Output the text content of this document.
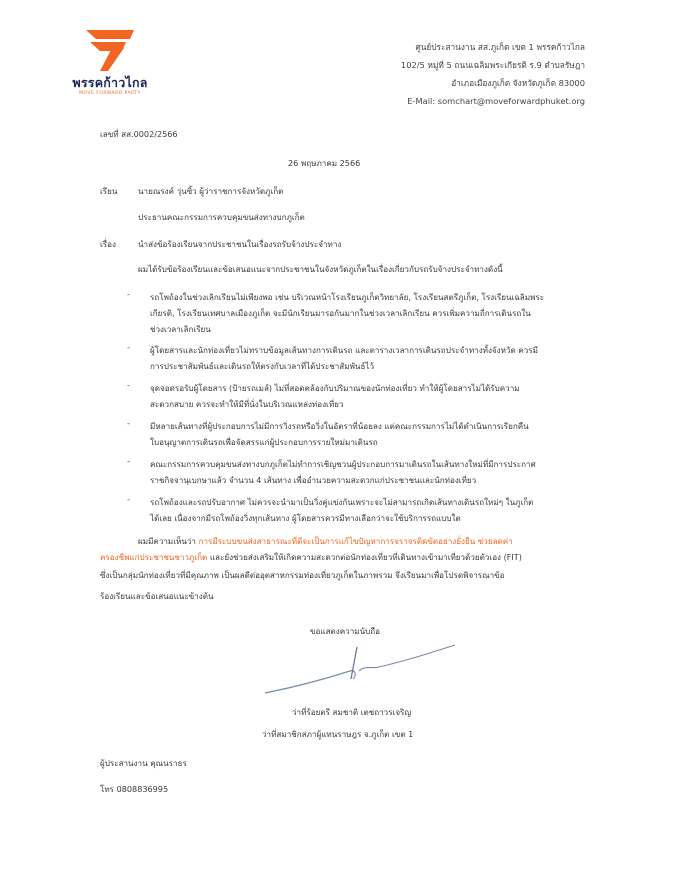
พรรคก้าวไกล
MOVE FORWARD PARTY
ศูนย์ประสานงาน สส.ภูเก็ต เขต 1 พรรคก้าวไกล
102/5 หมู่ที่ 5 ถนนเฉลิมพระเกียรติ ร.9 ตำบลรัษฎา
อำเภอเมืองภูเก็ต จังหวัดภูเก็ต 83000
E-Mail: somchart@moveforwardphuket.org
เลขที่ สส.0002/2566
26 พฤษภาคม 2566
เรียน	นายณรงค์ วุ่นซิ้ว ผู้ว่าราชการจังหวัดภูเก็ต
ประธานคณะกรรมการควบคุมขนส่งทางบกภูเก็ต
เรื่อง	นำส่งข้อร้องเรียนจากประชาชนในเรื่องรถรับจ้างประจำทาง
ผมได้รับข้อร้องเรียนและข้อเสนอแนะจากประชาชนในจังหวัดภูเก็ตในเรื่องเกี่ยวกับรถรับจ้างประจำทางดังนี้
- รถโพถ้องในช่วงเลิกเรียนไม่เพียงพอ เช่น บริเวณหน้าโรงเรียนภูเก็ตวิทยาลัย, โรงเรียนสตรีภูเก็ต, โรงเรียนเฉลิมพระ
เกียรติ, โรงเรียนเทศบาลเมืองภูเก็ต จะมีนักเรียนมารอกันมากในช่วงเวลาเลิกเรียน ควรเพิ่มความถี่การเดินรถใน
ช่วงเวลาเลิกเรียน
- ผู้โดยสารและนักท่องเที่ยวไม่ทราบข้อมูลเส้นทางการเดินรถ และตารางเวลาการเดินรถประจำทางทั้งจังหวัด ควรมี
การประชาสัมพันธ์และเดินรถให้ตรงกับเวลาที่ได้ประชาสัมพันธ์ไว้
- จุดจอดรอรับผู้โดยสาร (ป้ายรถเมล์) ไม่ที่สอดคล้องกับปริมาณของนักท่องเที่ยว ทำให้ผู้โดยสารไม่ได้รับความ
สะดวกสบาย ควรจะทำให้มีที่นั่งในบริเวณแหล่งท่องเที่ยว
- มีหลายเส้นทางที่ผู้ประกอบการไม่มีการวิ่งรถหรือวิ่งในอัตราที่น้อยลง แต่คณะกรรมการไม่ได้ดำเนินการเรียกคืน
ใบอนุญาตการเดินรถเพื่อจัดสรรแก่ผู้ประกอบการรายใหม่มาเดินรถ
- คณะกรรมการควบคุมขนส่งทางบกภูเก็ตไม่ทำการเชิญชวนผู้ประกอบการมาเดินรถในเส้นทางใหม่ที่มีการประกาศ
ราชกิจจานุเบกษาแล้ว จำนวน 4 เส้นทาง เพื่ออำนวยความสะดวกแก่ประชาชนและนักท่องเที่ยว
- รถโพถ้องและรถปรับอากาศ ไม่ควรจะนำมาเป็นวิ่งคู่แข่งกันเพราะจะไม่สามารถเกิดเส้นทางเดินรถใหม่ๆ ในภูเก็ต
ได้เลย เนื่องจากมีรถโพถ้องวิ่งทุกเส้นทาง ผู้โดยสารควรมีทางเลือกว่าจะใช้บริการรถแบบใด
ผมมีความเห็นว่า การมีระบบขนส่งสาธารณะที่ดีจะเป็นการแก้ไขปัญหาการจราจรติดขัดอย่างยั่งยืน ช่วยลดค่า
ครองชีพแก่ประชาชนชาวภูเก็ต และยังช่วยส่งเสริมให้เกิดความสะดวกต่อนักท่องเที่ยวที่เดินทางเข้ามาเที่ยวด้วยตัวเอง (FIT)
ซึ่งเป็นกลุ่มนักท่องเที่ยวที่มีคุณภาพ เป็นผลดีต่ออุตสาหกรรมท่องเที่ยวภูเก็ตในภาพรวม จึงเรียนมาเพื่อโปรดพิจารณาข้อ
ร้องเรียนและข้อเสนอแนะข้างต้น
ขอแสดงความนับถือ
ว่าที่ร้อยตรี สมชาติ เตชถาวรเจริญ
ว่าที่สมาชิกสภาผู้แทนราษฎร จ.ภูเก็ต เขต 1
ผู้ประสานงาน คุณนราธร
โทร 0808836995
